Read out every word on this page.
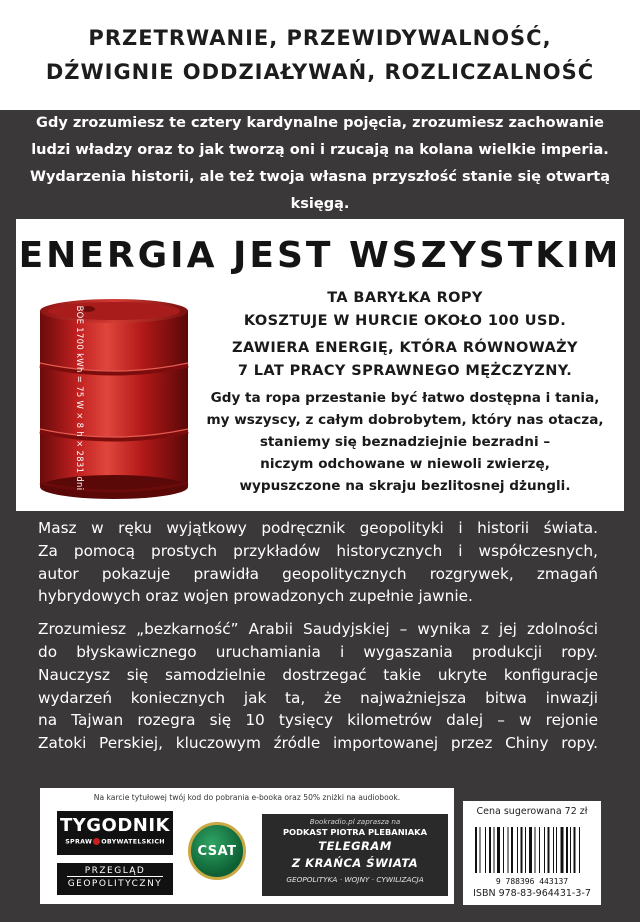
PRZETRWANIE, PRZEWIDYWALNOŚĆ,
DŹWIGNIE ODDZIAŁYWAŃ, ROZLICZALNOŚĆ
Gdy zrozumiesz te cztery kardynalne pojęcia, zrozumiesz zachowanie
ludzi władzy oraz to jak tworzą oni i rzucają na kolana wielkie imperia.
Wydarzenia historii, ale też twoja własna przyszłość stanie się otwartą księgą.
ENERGIA JEST WSZYSTKIM
BOE 1700 kWh = 75 W × 8 h × 2831 dni
TA BARYŁKA ROPY
KOSZTUJE W HURCIE OKOŁO 100 USD.
ZAWIERA ENERGIĘ, KTÓRA RÓWNOWAŻY
7 LAT PRACY SPRAWNEGO MĘŻCZYZNY.
Gdy ta ropa przestanie być łatwo dostępna i tania,
my wszyscy, z całym dobrobytem, który nas otacza,
staniemy się beznadziejnie bezradni –
niczym odchowane w niewoli zwierzę,
wypuszczone na skraju bezlitosnej dżungli.

Masz w ręku wyjątkowy podręcznik geopolityki i historii świata.
Za pomocą prostych przykładów historycznych i współczesnych,
autor pokazuje prawidła geopolitycznych rozgrywek, zmagań
hybrydowych oraz wojen prowadzonych zupełnie jawnie.

Zrozumiesz „bezkarność” Arabii Saudyjskiej – wynika z jej zdolności
do błyskawicznego uruchamiania i wygaszania produkcji ropy.
Nauczysz się samodzielnie dostrzegać takie ukryte konfiguracje
wydarzeń koniecznych jak ta, że najważniejsza bitwa inwazji
na Tajwan rozegra się 10 tysięcy kilometrów dalej – w rejonie
Zatoki Perskiej, kluczowym źródle importowanej przez Chiny ropy.

Na karcie tytułowej twój kod do pobrania e-booka oraz 50% zniżki na audiobook.
TYGODNIK
SPRAW OBYWATELSKICH
PRZEGLĄD
GEOPOLITYCZNY
CSAT
Bookradio.pl zaprasza na
PODKAST PIOTRA PLEBANIAKA
TELEGRAM
Z KRAŃCA ŚWIATA
GEOPOLITYKA · WOJNY · CYWILIZACJA
Cena sugerowana 72 zł
9 788396 443137
ISBN 978-83-964431-3-7
